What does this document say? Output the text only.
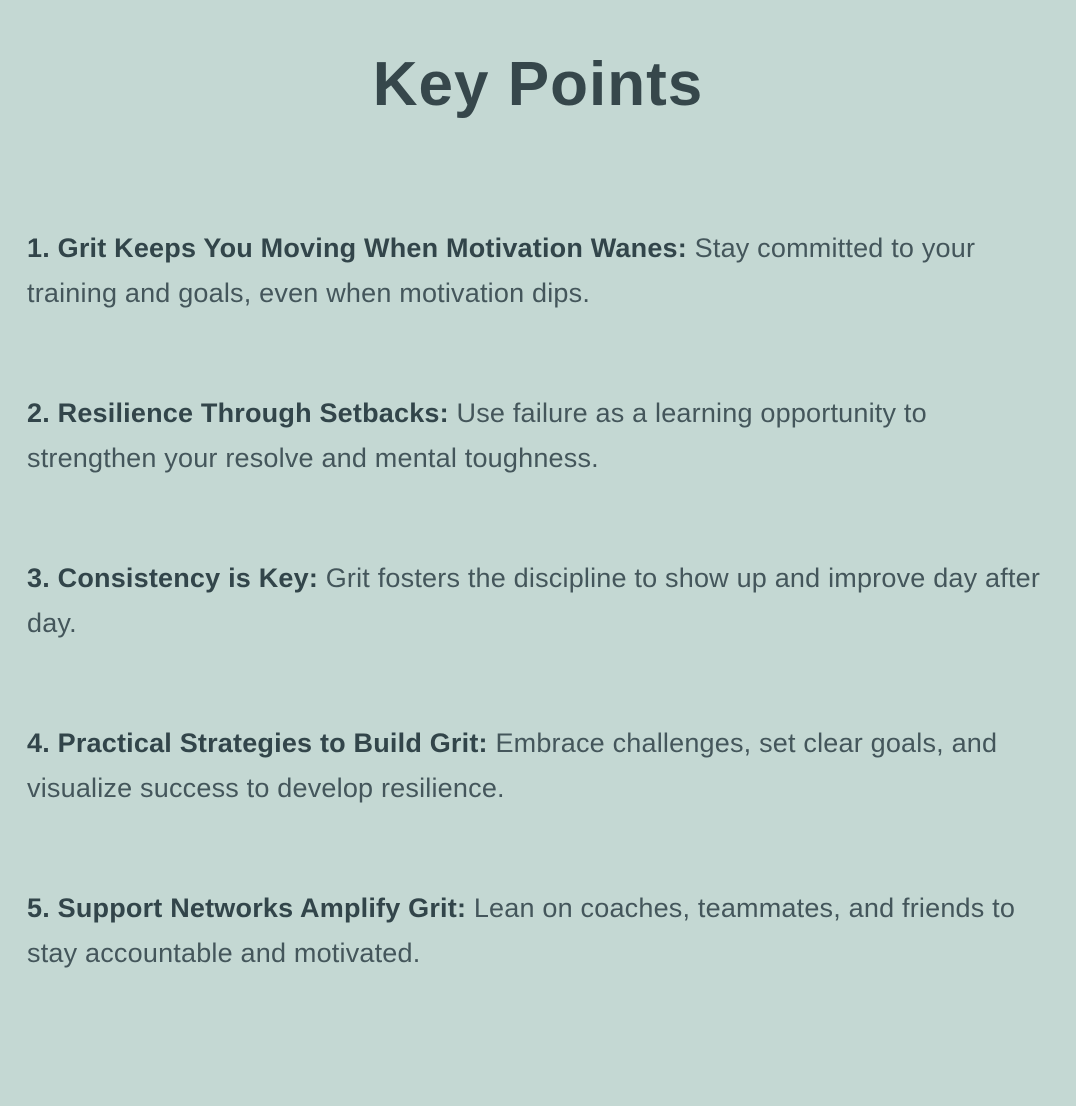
Key Points

1. Grit Keeps You Moving When Motivation Wanes: Stay committed to your training and goals, even when motivation dips.

2. Resilience Through Setbacks: Use failure as a learning opportunity to strengthen your resolve and mental toughness.

3. Consistency is Key: Grit fosters the discipline to show up and improve day after day.

4. Practical Strategies to Build Grit: Embrace challenges, set clear goals, and visualize success to develop resilience.

5. Support Networks Amplify Grit: Lean on coaches, teammates, and friends to stay accountable and motivated.
